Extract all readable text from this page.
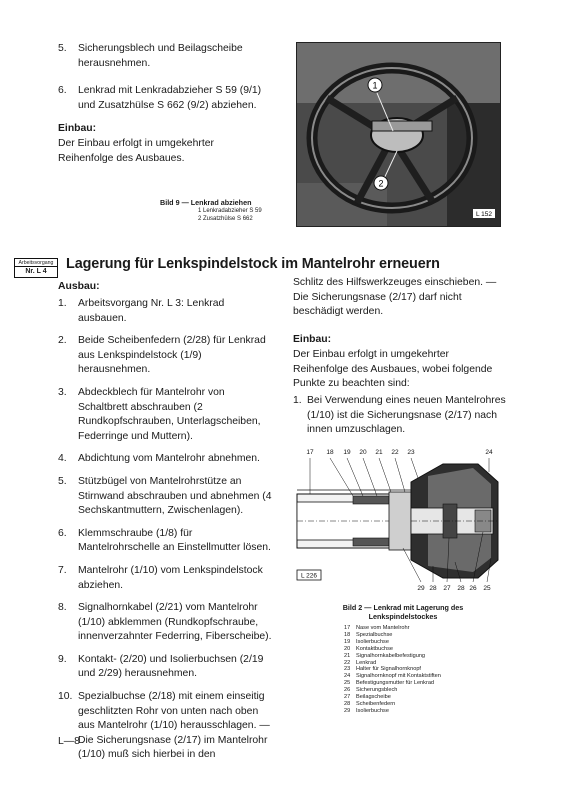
5. Sicherungsblech und Beilagscheibe herausnehmen.
6. Lenkrad mit Lenkradabzieher S 59 (9/1) und Zusatzhülse S 662 (9/2) abziehen.
Einbau:
Der Einbau erfolgt in umgekehrter Reihenfolge des Ausbaues.
1
2
L 152
Bild 9 — Lenkrad abziehen
1 Lenkradabzieher S 59
2 Zusatzhülse S 662
Arbeitsvorgang
Nr. L 4	Lagerung für Lenkspindelstock im Mantelrohr erneuern
Ausbau:
1. Arbeitsvorgang Nr. L 3: Lenkrad ausbauen.
2. Beide Scheibenfedern (2/28) für Lenkrad aus Lenkspindelstock (1/9) herausnehmen.
3. Abdeckblech für Mantelrohr von Schaltbrett abschrauben (2 Rundkopfschrauben, Unterlagscheiben, Federringe und Muttern).
4. Abdichtung vom Mantelrohr abnehmen.
5. Stützbügel von Mantelrohrstütze an Stirnwand abschrauben und abnehmen (4 Sechskantmuttern, Zwischenlagen).
6. Klemmschraube (1/8) für Mantelrohrschelle an Einstellmutter lösen.
7. Mantelrohr (1/10) vom Lenkspindelstock abziehen.
8. Signalhornkabel (2/21) vom Mantelrohr (1/10) abklemmen (Rundkopfschraube, innenverzahnter Federring, Fiberscheibe).
9. Kontakt- (2/20) und Isolierbuchsen (2/19 und 2/29) herausnehmen.
10. Spezialbuchse (2/18) mit einem einseitig geschlitzten Rohr von unten nach oben aus Mantelrohr (1/10) herausschlagen. — Die Sicherungsnase (2/17) im Mantelrohr (1/10) muß sich hierbei in den
Schlitz des Hilfswerkzeuges einschieben. — Die Sicherungsnase (2/17) darf nicht beschädigt werden.
Einbau:
Der Einbau erfolgt in umgekehrter Reihenfolge des Ausbaues, wobei folgende Punkte zu beachten sind:
1. Bei Verwendung eines neuen Mantelrohres (1/10) ist die Sicherungsnase (2/17) nach innen umzuschlagen.
17 18 19 20 21 22 23	24
29 28 27 28 26 25
L 226
Bild 2 — Lenkrad mit Lagerung des
Lenkspindelstockes
17 Nase vom Mantelrohr
18 Spezialbuchse
19 Isolierbuchse
20 Kontaktbuchse
21 Signalhornkabelbefestigung
22 Lenkrad
23 Halter für Signalhornknopf
24 Signalhornknopf mit Kontaktstiften
25 Befestigungsmutter für Lenkrad
26 Sicherungsblech
27 Beilagscheibe
28 Scheibenfedern
29 Isolierbuchse
L—8
